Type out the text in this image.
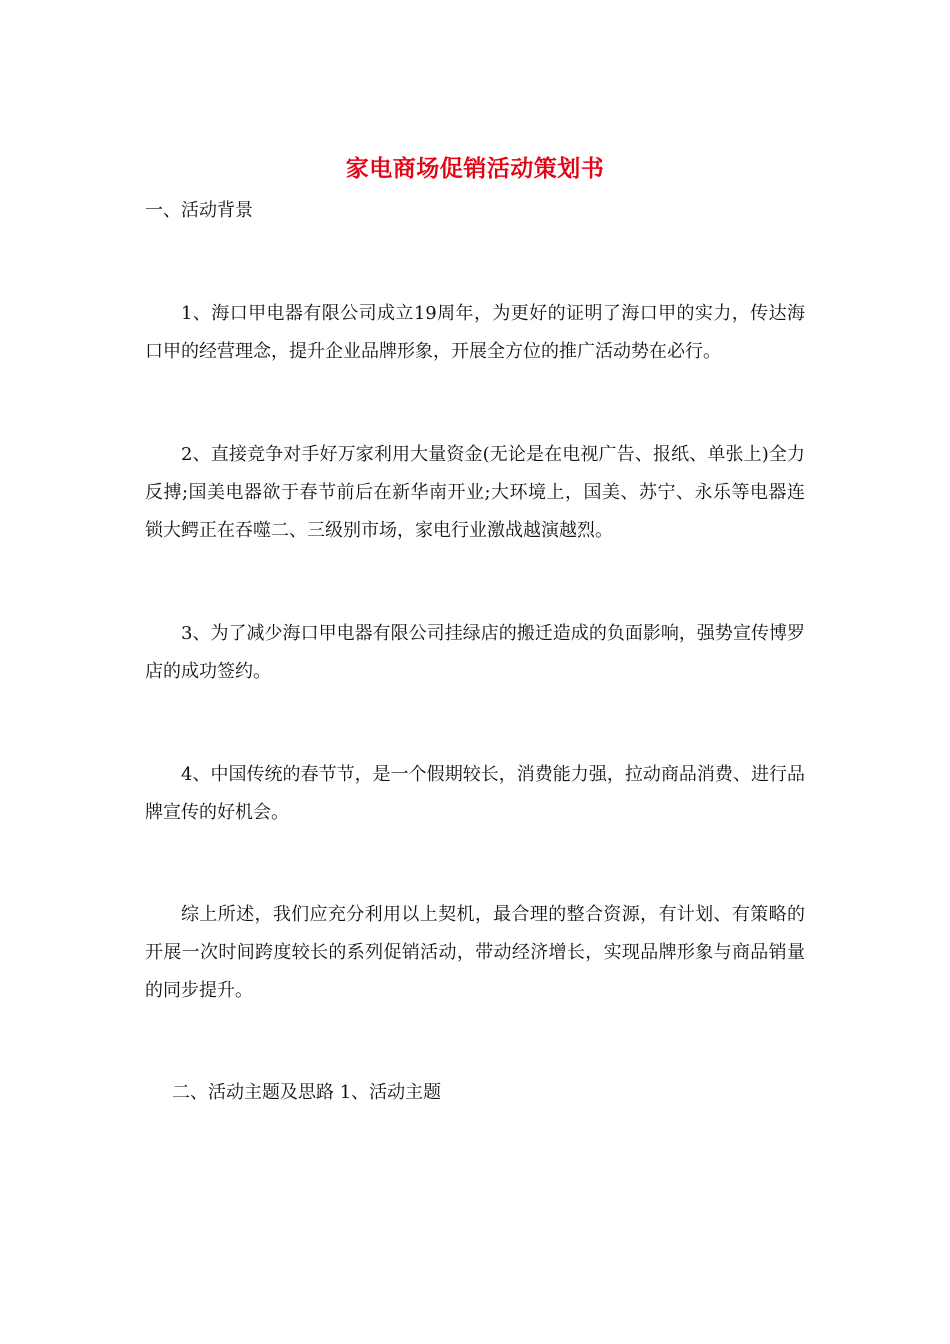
家电商场促销活动策划书
一、活动背景
1、海口甲电器有限公司成立19周年，为更好的证明了海口甲的实力，传达海口甲的经营理念，提升企业品牌形象，开展全方位的推广活动势在必行。
2、直接竞争对手好万家利用大量资金(无论是在电视广告、报纸、单张上)全力反搏;国美电器欲于春节前后在新华南开业;大环境上，国美、苏宁、永乐等电器连锁大鳄正在吞噬二、三级别市场，家电行业激战越演越烈。
3、为了减少海口甲电器有限公司挂绿店的搬迁造成的负面影响，强势宣传博罗店的成功签约。
4、中国传统的春节节，是一个假期较长，消费能力强，拉动商品消费、进行品牌宣传的好机会。
综上所述，我们应充分利用以上契机，最合理的整合资源，有计划、有策略的开展一次时间跨度较长的系列促销活动，带动经济增长，实现品牌形象与商品销量的同步提升。
二、活动主题及思路 1、活动主题
